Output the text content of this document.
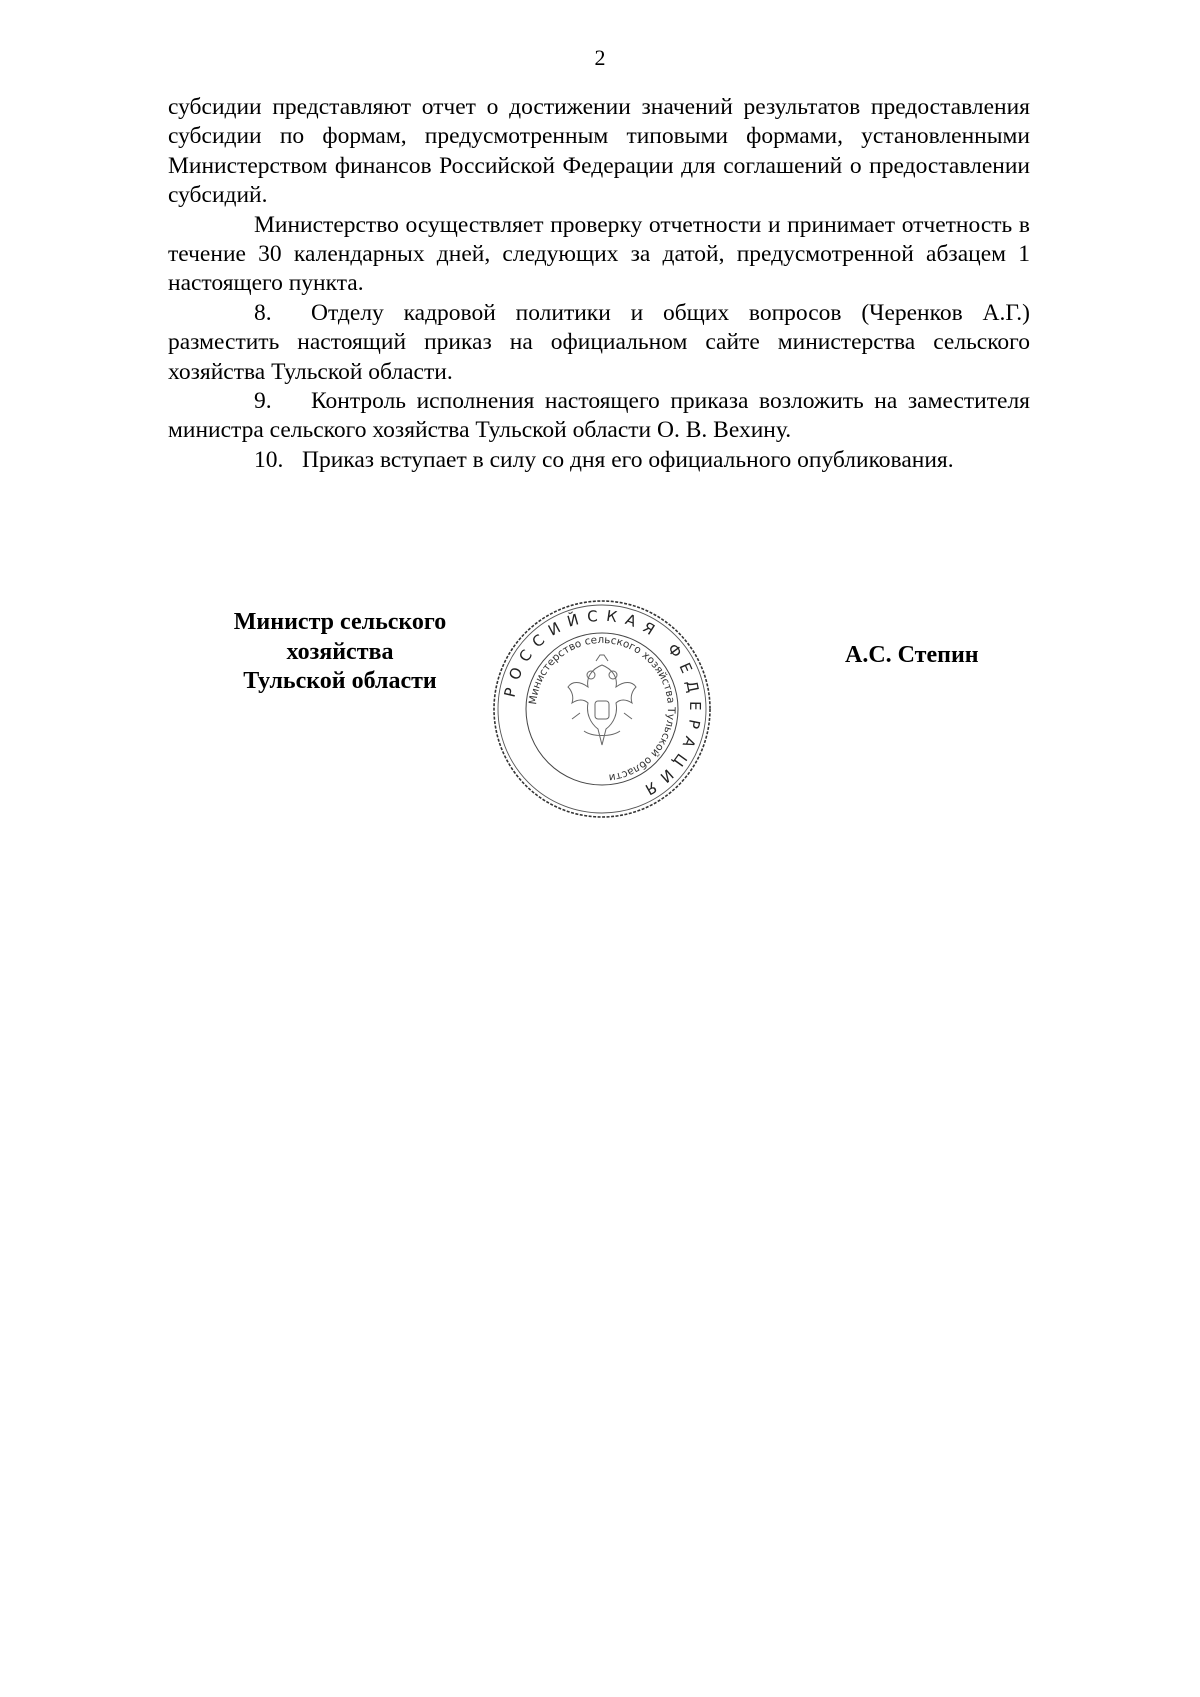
2

субсидии представляют отчет о достижении значений результатов предоставления субсидии по формам, предусмотренным типовыми формами, установленными Министерством финансов Российской Федерации для соглашений о предоставлении субсидий.

Министерство осуществляет проверку отчетности и принимает отчетность в течение 30 календарных дней, следующих за датой, предусмотренной абзацем 1 настоящего пункта.

8. Отделу кадровой политики и общих вопросов (Черенков А.Г.) разместить настоящий приказ на официальном сайте министерства сельского хозяйства Тульской области.

9. Контроль исполнения настоящего приказа возложить на заместителя министра сельского хозяйства Тульской области О. В. Вехину.

10. Приказ вступает в силу со дня его официального опубликования.

Министр сельского
хозяйства
Тульской области
А.С. Степин
РОССИЙСКАЯ ФЕДЕРАЦИЯ
Министерство сельского хозяйства Тульской области
